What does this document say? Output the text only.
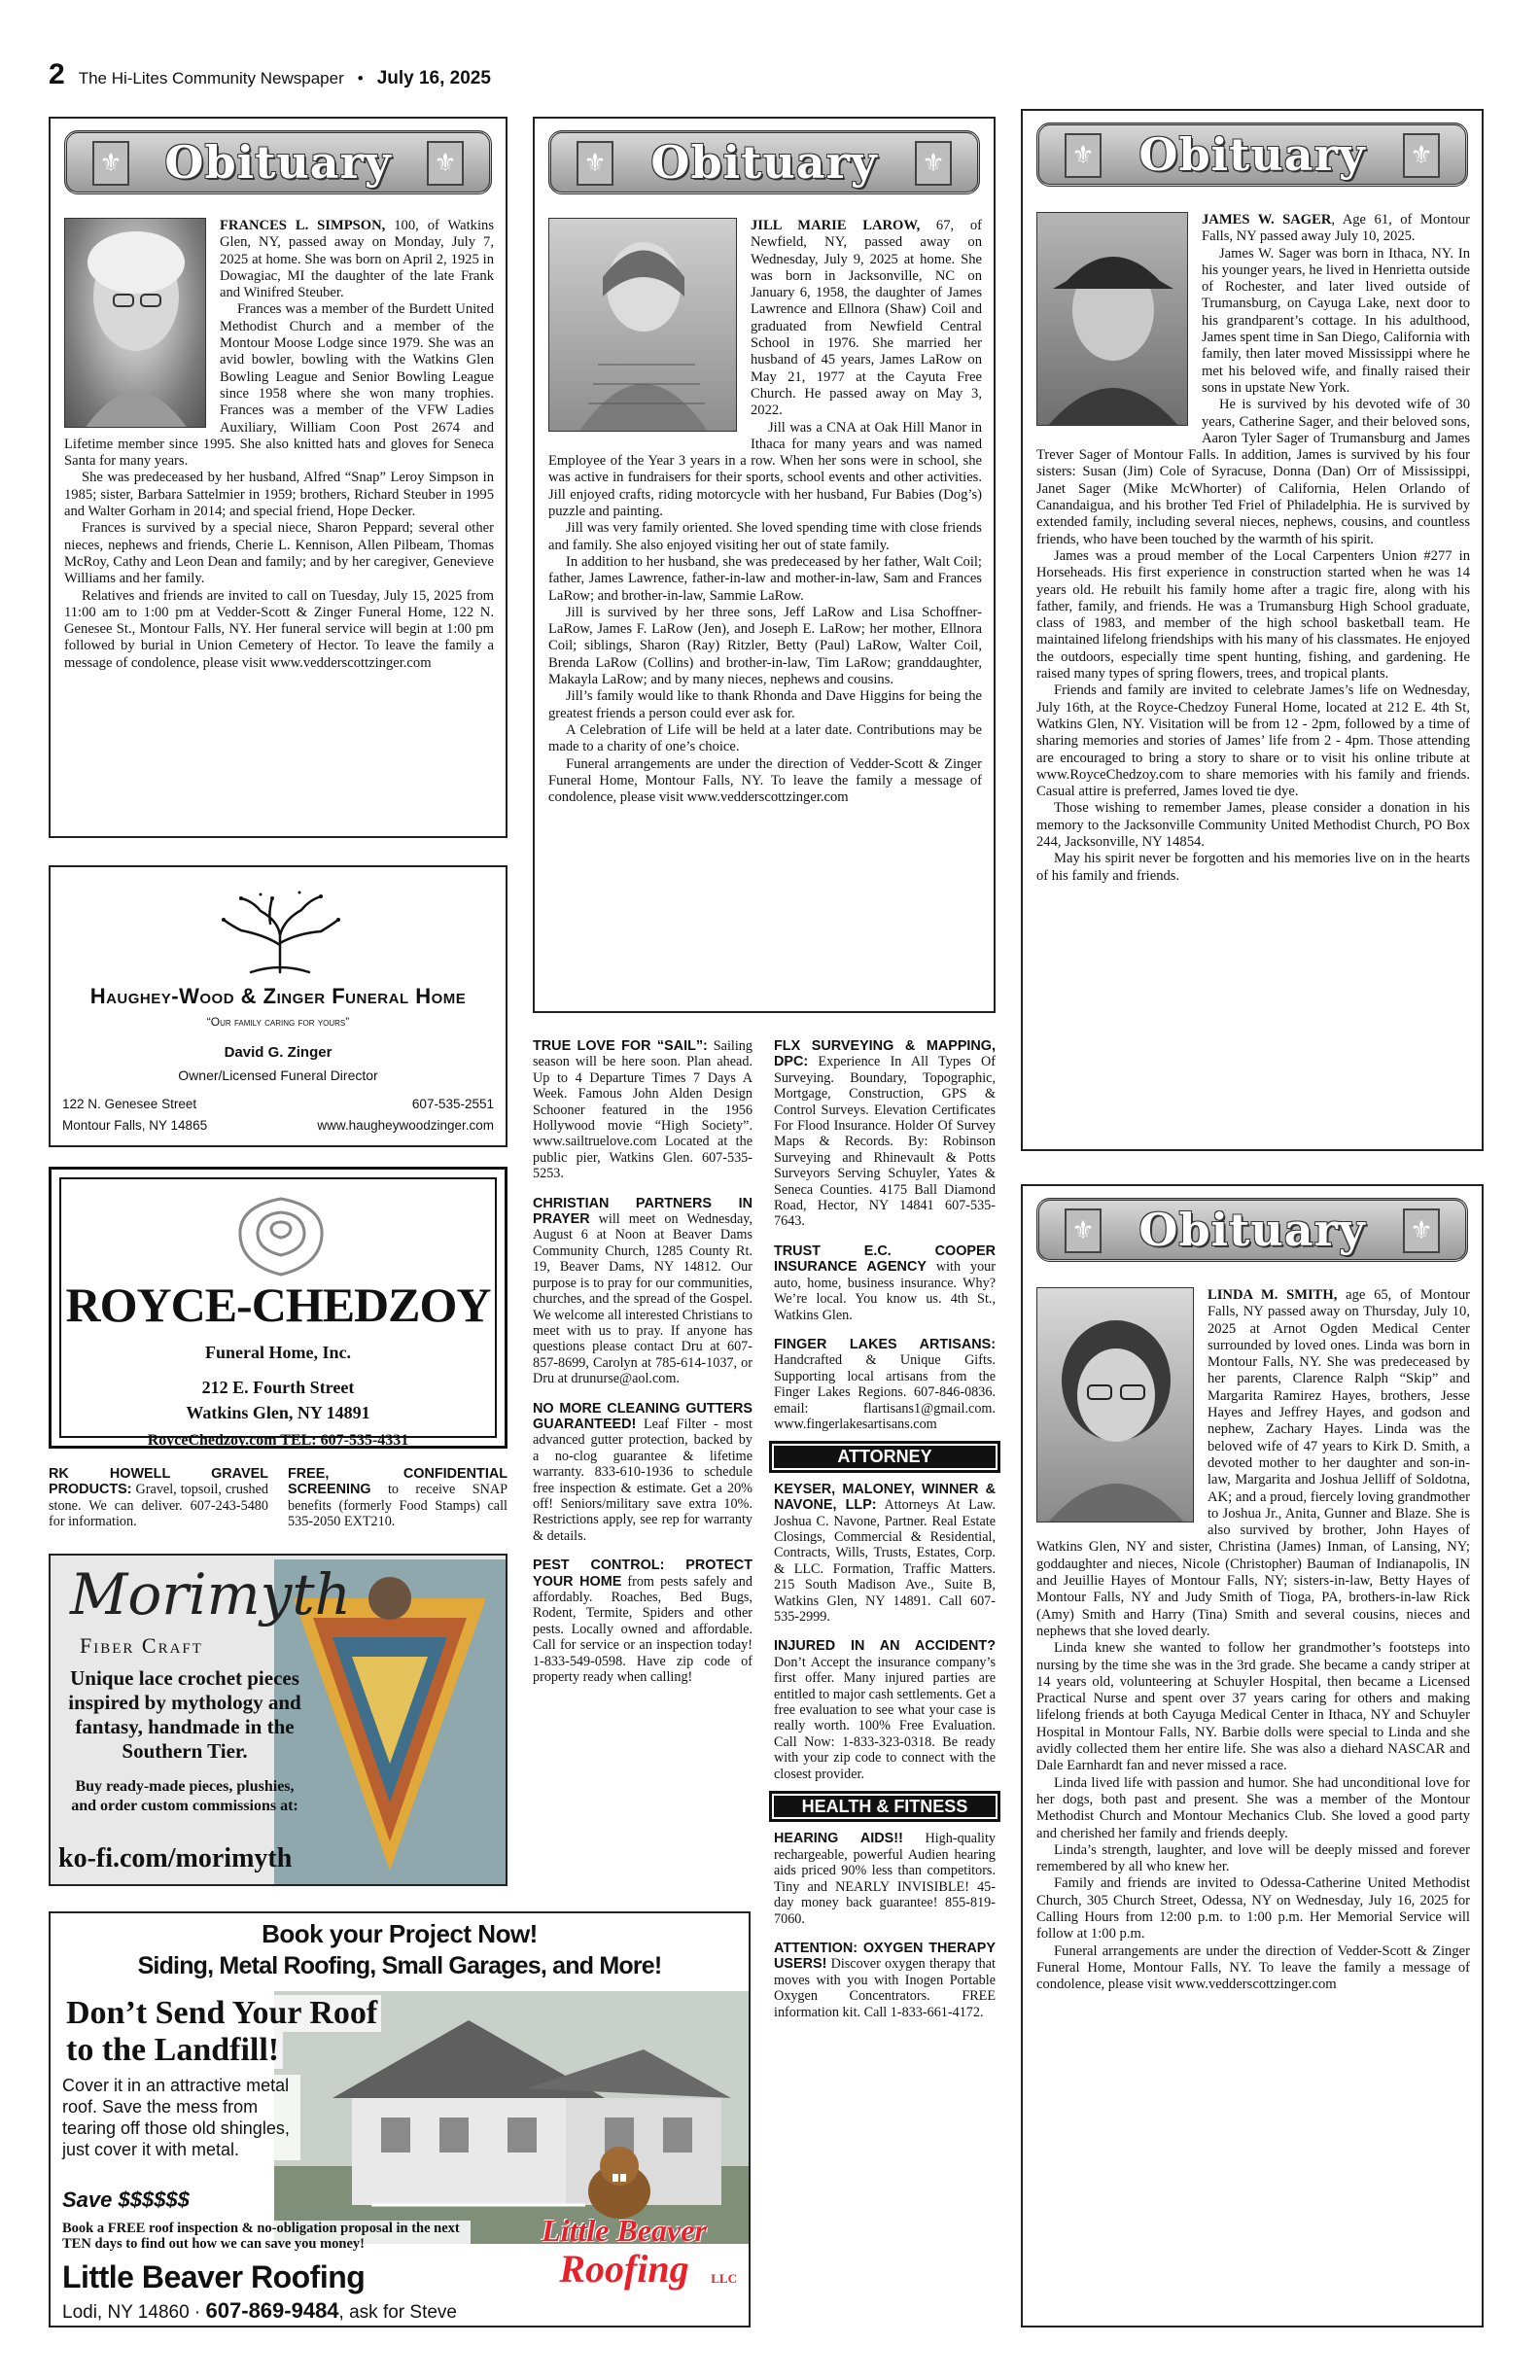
2 The Hi-Lites Community Newspaper • July 16, 2025
⚜ Obituary ⚜

FRANCES L. SIMPSON, 100, of Watkins Glen, NY, passed away on Monday, July 7, 2025 at home. She was born on April 2, 1925 in Dowagiac, MI the daughter of the late Frank and Winifred Steuber.

Frances was a member of the Burdett United Methodist Church and a member of the Montour Moose Lodge since 1979. She was an avid bowler, bowling with the Watkins Glen Bowling League and Senior Bowling League since 1958 where she won many trophies. Frances was a member of the VFW Ladies Auxiliary, William Coon Post 2674 and Lifetime member since 1995. She also knitted hats and gloves for Seneca Santa for many years.

She was predeceased by her husband, Alfred “Snap” Leroy Simpson in 1985; sister, Barbara Sattelmier in 1959; brothers, Richard Steuber in 1995 and Walter Gorham in 2014; and special friend, Hope Decker.

Frances is survived by a special niece, Sharon Peppard; several other nieces, nephews and friends, Cherie L. Kennison, Allen Pilbeam, Thomas McRoy, Cathy and Leon Dean and family; and by her caregiver, Genevieve Williams and her family.

Relatives and friends are invited to call on Tuesday, July 15, 2025 from 11:00 am to 1:00 pm at Vedder-Scott & Zinger Funeral Home, 122 N. Genesee St., Montour Falls, NY. Her funeral service will begin at 1:00 pm followed by burial in Union Cemetery of Hector. To leave the family a message of condolence, please visit www.vedderscottzinger.com

⚜ Obituary ⚜

JILL MARIE LAROW, 67, of Newfield, NY, passed away on Wednesday, July 9, 2025 at home. She was born in Jacksonville, NC on January 6, 1958, the daughter of James Lawrence and Ellnora (Shaw) Coil and graduated from Newfield Central School in 1976. She married her husband of 45 years, James LaRow on May 21, 1977 at the Cayuta Free Church. He passed away on May 3, 2022.

Jill was a CNA at Oak Hill Manor in Ithaca for many years and was named Employee of the Year 3 years in a row. When her sons were in school, she was active in fundraisers for their sports, school events and other activities. Jill enjoyed crafts, riding motorcycle with her husband, Fur Babies (Dog’s) puzzle and painting.

Jill was very family oriented. She loved spending time with close friends and family. She also enjoyed visiting her out of state family.

In addition to her husband, she was predeceased by her father, Walt Coil; father, James Lawrence, father-in-law and mother-in-law, Sam and Frances LaRow; and brother-in-law, Sammie LaRow.

Jill is survived by her three sons, Jeff LaRow and Lisa Schoffner-LaRow, James F. LaRow (Jen), and Joseph E. LaRow; her mother, Ellnora Coil; siblings, Sharon (Ray) Ritzler, Betty (Paul) LaRow, Walter Coil, Brenda LaRow (Collins) and brother-in-law, Tim LaRow; granddaughter, Makayla LaRow; and by many nieces, nephews and cousins.

Jill’s family would like to thank Rhonda and Dave Higgins for being the greatest friends a person could ever ask for.

A Celebration of Life will be held at a later date. Contributions may be made to a charity of one’s choice.

Funeral arrangements are under the direction of Vedder-Scott & Zinger Funeral Home, Montour Falls, NY. To leave the family a message of condolence, please visit www.vedderscottzinger.com

⚜ Obituary ⚜

JAMES W. SAGER, Age 61, of Montour Falls, NY passed away July 10, 2025.

James W. Sager was born in Ithaca, NY. In his younger years, he lived in Henrietta outside of Rochester, and later lived outside of Trumansburg, on Cayuga Lake, next door to his grandparent’s cottage. In his adulthood, James spent time in San Diego, California with family, then later moved Mississippi where he met his beloved wife, and finally raised their sons in upstate New York.

He is survived by his devoted wife of 30 years, Catherine Sager, and their beloved sons, Aaron Tyler Sager of Trumansburg and James Trever Sager of Montour Falls. In addition, James is survived by his four sisters: Susan (Jim) Cole of Syracuse, Donna (Dan) Orr of Mississippi, Janet Sager (Mike McWhorter) of California, Helen Orlando of Canandaigua, and his brother Ted Friel of Philadelphia. He is survived by extended family, including several nieces, nephews, cousins, and countless friends, who have been touched by the warmth of his spirit.

James was a proud member of the Local Carpenters Union #277 in Horseheads. His first experience in construction started when he was 14 years old. He rebuilt his family home after a tragic fire, along with his father, family, and friends. He was a Trumansburg High School graduate, class of 1983, and member of the high school basketball team. He maintained lifelong friendships with his many of his classmates. He enjoyed the outdoors, especially time spent hunting, fishing, and gardening. He raised many types of spring flowers, trees, and tropical plants.

Friends and family are invited to celebrate James’s life on Wednesday, July 16th, at the Royce-Chedzoy Funeral Home, located at 212 E. 4th St, Watkins Glen, NY. Visitation will be from 12 - 2pm, followed by a time of sharing memories and stories of James’ life from 2 - 4pm. Those attending are encouraged to bring a story to share or to visit his online tribute at www.RoyceChedzoy.com to share memories with his family and friends. Casual attire is preferred, James loved tie dye.

Those wishing to remember James, please consider a donation in his memory to the Jacksonville Community United Methodist Church, PO Box 244, Jacksonville, NY 14854.

May his spirit never be forgotten and his memories live on in the hearts of his family and friends.

⚜ Obituary ⚜

LINDA M. SMITH, age 65, of Montour Falls, NY passed away on Thursday, July 10, 2025 at Arnot Ogden Medical Center surrounded by loved ones. Linda was born in Montour Falls, NY. She was predeceased by her parents, Clarence Ralph “Skip” and Margarita Ramirez Hayes, brothers, Jesse Hayes and Jeffrey Hayes, and godson and nephew, Zachary Hayes. Linda was the beloved wife of 47 years to Kirk D. Smith, a devoted mother to her daughter and son-in-law, Margarita and Joshua Jelliff of Soldotna, AK; and a proud, fiercely loving grandmother to Joshua Jr., Anita, Gunner and Blaze. She is also survived by brother, John Hayes of Watkins Glen, NY and sister, Christina (James) Inman, of Lansing, NY; goddaughter and nieces, Nicole (Christopher) Bauman of Indianapolis, IN and Jeuillie Hayes of Montour Falls, NY; sisters-in-law, Betty Hayes of Montour Falls, NY and Judy Smith of Tioga, PA, brothers-in-law Rick (Amy) Smith and Harry (Tina) Smith and several cousins, nieces and nephews that she loved dearly.

Linda knew she wanted to follow her grandmother’s footsteps into nursing by the time she was in the 3rd grade. She became a candy striper at 14 years old, volunteering at Schuyler Hospital, then became a Licensed Practical Nurse and spent over 37 years caring for others and making lifelong friends at both Cayuga Medical Center in Ithaca, NY and Schuyler Hospital in Montour Falls, NY. Barbie dolls were special to Linda and she avidly collected them her entire life. She was also a diehard NASCAR and Dale Earnhardt fan and never missed a race.

Linda lived life with passion and humor. She had unconditional love for her dogs, both past and present. She was a member of the Montour Methodist Church and Montour Mechanics Club. She loved a good party and cherished her family and friends deeply.

Linda’s strength, laughter, and love will be deeply missed and forever remembered by all who knew her.

Family and friends are invited to Odessa-Catherine United Methodist Church, 305 Church Street, Odessa, NY on Wednesday, July 16, 2025 for Calling Hours from 12:00 p.m. to 1:00 p.m. Her Memorial Service will follow at 1:00 p.m.

Funeral arrangements are under the direction of Vedder-Scott & Zinger Funeral Home, Montour Falls, NY. To leave the family a message of condolence, please visit www.vedderscottzinger.com

Haughey-Wood & Zinger Funeral Home
“Our family caring for yours”
David G. Zinger
Owner/Licensed Funeral Director
122 N. Genesee Street	607-535-2551
Montour Falls, NY 14865	www.haugheywoodzinger.com
ROYCE-CHEDZOY
Funeral Home, Inc.
212 E. Fourth Street
Watkins Glen, NY 14891
RoyceChedzoy.com TEL: 607-535-4331
RK HOWELL GRAVEL PRODUCTS: Gravel, topsoil, crushed stone. We can deliver. 607-243-5480 for information.
FREE, CONFIDENTIAL SCREENING to receive SNAP benefits (formerly Food Stamps) call 535-2050 EXT210.
Morimyth
Fiber Craft
Unique lace crochet pieces inspired by mythology and fantasy, handmade in the Southern Tier.
Buy ready-made pieces, plushies, and order custom commissions at:
ko-fi.com/morimyth
TRUE LOVE FOR “SAIL”: Sailing season will be here soon. Plan ahead. Up to 4 Departure Times 7 Days A Week. Famous John Alden Design Schooner featured in the 1956 Hollywood movie “High Society”. www.sailtruelove.com Located at the public pier, Watkins Glen. 607-535-5253.
CHRISTIAN PARTNERS IN PRAYER will meet on Wednesday, August 6 at Noon at Beaver Dams Community Church, 1285 County Rt. 19, Beaver Dams, NY 14812. Our purpose is to pray for our communities, churches, and the spread of the Gospel. We welcome all interested Christians to meet with us to pray. If anyone has questions please contact Dru at 607-857-8699, Carolyn at 785-614-1037, or Dru at drunurse@aol.com.
NO MORE CLEANING GUTTERS GUARANTEED! Leaf Filter - most advanced gutter protection, backed by a no-clog guarantee & lifetime warranty. 833-610-1936 to schedule free inspection & estimate. Get a 20% off! Seniors/military save extra 10%. Restrictions apply, see rep for warranty & details.
PEST CONTROL: PROTECT YOUR HOME from pests safely and affordably. Roaches, Bed Bugs, Rodent, Termite, Spiders and other pests. Locally owned and affordable. Call for service or an inspection today! 1-833-549-0598. Have zip code of property ready when calling!
FLX SURVEYING & MAPPING, DPC: Experience In All Types Of Surveying. Boundary, Topographic, Mortgage, Construction, GPS & Control Surveys. Elevation Certificates For Flood Insurance. Holder Of Survey Maps & Records. By: Robinson Surveying and Rhinevault & Potts Surveyors Serving Schuyler, Yates & Seneca Counties. 4175 Ball Diamond Road, Hector, NY 14841 607-535-7643.
TRUST E.C. COOPER INSURANCE AGENCY with your auto, home, business insurance. Why? We’re local. You know us. 4th St., Watkins Glen.
FINGER LAKES ARTISANS: Handcrafted & Unique Gifts. Supporting local artisans from the Finger Lakes Regions. 607-846-0836. email: flartisans1@gmail.com. www.fingerlakesartisans.com
ATTORNEY
KEYSER, MALONEY, WINNER & NAVONE, LLP: Attorneys At Law. Joshua C. Navone, Partner. Real Estate Closings, Commercial & Residential, Contracts, Wills, Trusts, Estates, Corp. & LLC. Formation, Traffic Matters. 215 South Madison Ave., Suite B, Watkins Glen, NY 14891. Call 607-535-2999.
INJURED IN AN ACCIDENT? Don’t Accept the insurance company’s first offer. Many injured parties are entitled to major cash settlements. Get a free evaluation to see what your case is really worth. 100% Free Evaluation. Call Now: 1-833-323-0318. Be ready with your zip code to connect with the closest provider.
HEALTH & FITNESS
HEARING AIDS!! High-quality rechargeable, powerful Audien hearing aids priced 90% less than competitors. Tiny and NEARLY INVISIBLE! 45-day money back guarantee! 855-819-7060.
ATTENTION: OXYGEN THERAPY USERS! Discover oxygen therapy that moves with you with Inogen Portable Oxygen Concentrators. FREE information kit. Call 1-833-661-4172.
Book your Project Now!
Siding, Metal Roofing, Small Garages, and More!
Don’t Send Your Roof
to the Landfill!
Cover it in an attractive metal roof. Save the mess from tearing off those old shingles, just cover it with metal.
Save $$$$$$
Book a FREE roof inspection & no-obligation proposal in the next TEN days to find out how we can save you money!	Little Beaver
Roofing	LLC
Little Beaver Roofing
Lodi, NY 14860 · 607-869-9484, ask for Steve
